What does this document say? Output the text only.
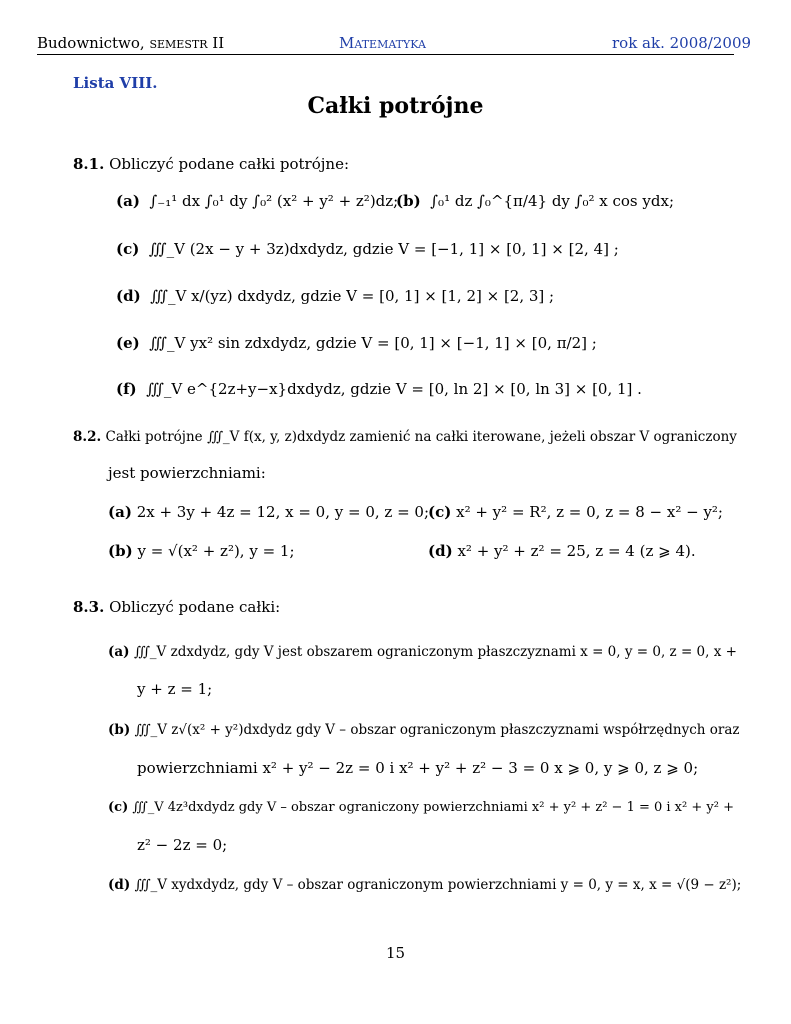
Budownictwo, SEMESTR II	Matematyka	rok ak. 2008/2009
Lista VIII.
Całki potrójne
8.1. Obliczyć podane całki potrójne:
(a) ∫₋₁¹ dx ∫₀¹ dy ∫₀² (x² + y² + z²)dz;
(b) ∫₀¹ dz ∫₀^{π/4} dy ∫₀² x cos ydx;
(c) ∭_V (2x − y + 3z)dxdydz, gdzie V = [−1, 1] × [0, 1] × [2, 4] ;
(d) ∭_V x/(yz) dxdydz, gdzie V = [0, 1] × [1, 2] × [2, 3] ;
(e) ∭_V yx² sin zdxdydz, gdzie V = [0, 1] × [−1, 1] × [0, π/2] ;
(f) ∭_V e^{2z+y−x}dxdydz, gdzie V = [0, ln 2] × [0, ln 3] × [0, 1] .
8.2. Całki potrójne ∭_V f(x, y, z)dxdydz zamienić na całki iterowane, jeżeli obszar V ograniczony
jest powierzchniami:
(a) 2x + 3y + 4z = 12, x = 0, y = 0, z = 0;
(c) x² + y² = R², z = 0, z = 8 − x² − y²;
(b) y = √(x² + z²), y = 1;	(d) x² + y² + z² = 25, z = 4 (z ⩾ 4).
8.3. Obliczyć podane całki:
(a) ∭_V zdxdydz, gdy V jest obszarem ograniczonym płaszczyznami x = 0, y = 0, z = 0, x +
y + z = 1;
(b) ∭_V z√(x² + y²)dxdydz gdy V – obszar ograniczonym płaszczyznami współrzędnych oraz
powierzchniami x² + y² − 2z = 0 i x² + y² + z² − 3 = 0 x ⩾ 0, y ⩾ 0, z ⩾ 0;
(c) ∭_V 4z³dxdydz gdy V – obszar ograniczony powierzchniami x² + y² + z² − 1 = 0 i x² + y² +
z² − 2z = 0;
(d) ∭_V xydxdydz, gdy V – obszar ograniczonym powierzchniami y = 0, y = x, x = √(9 − z²);
15
